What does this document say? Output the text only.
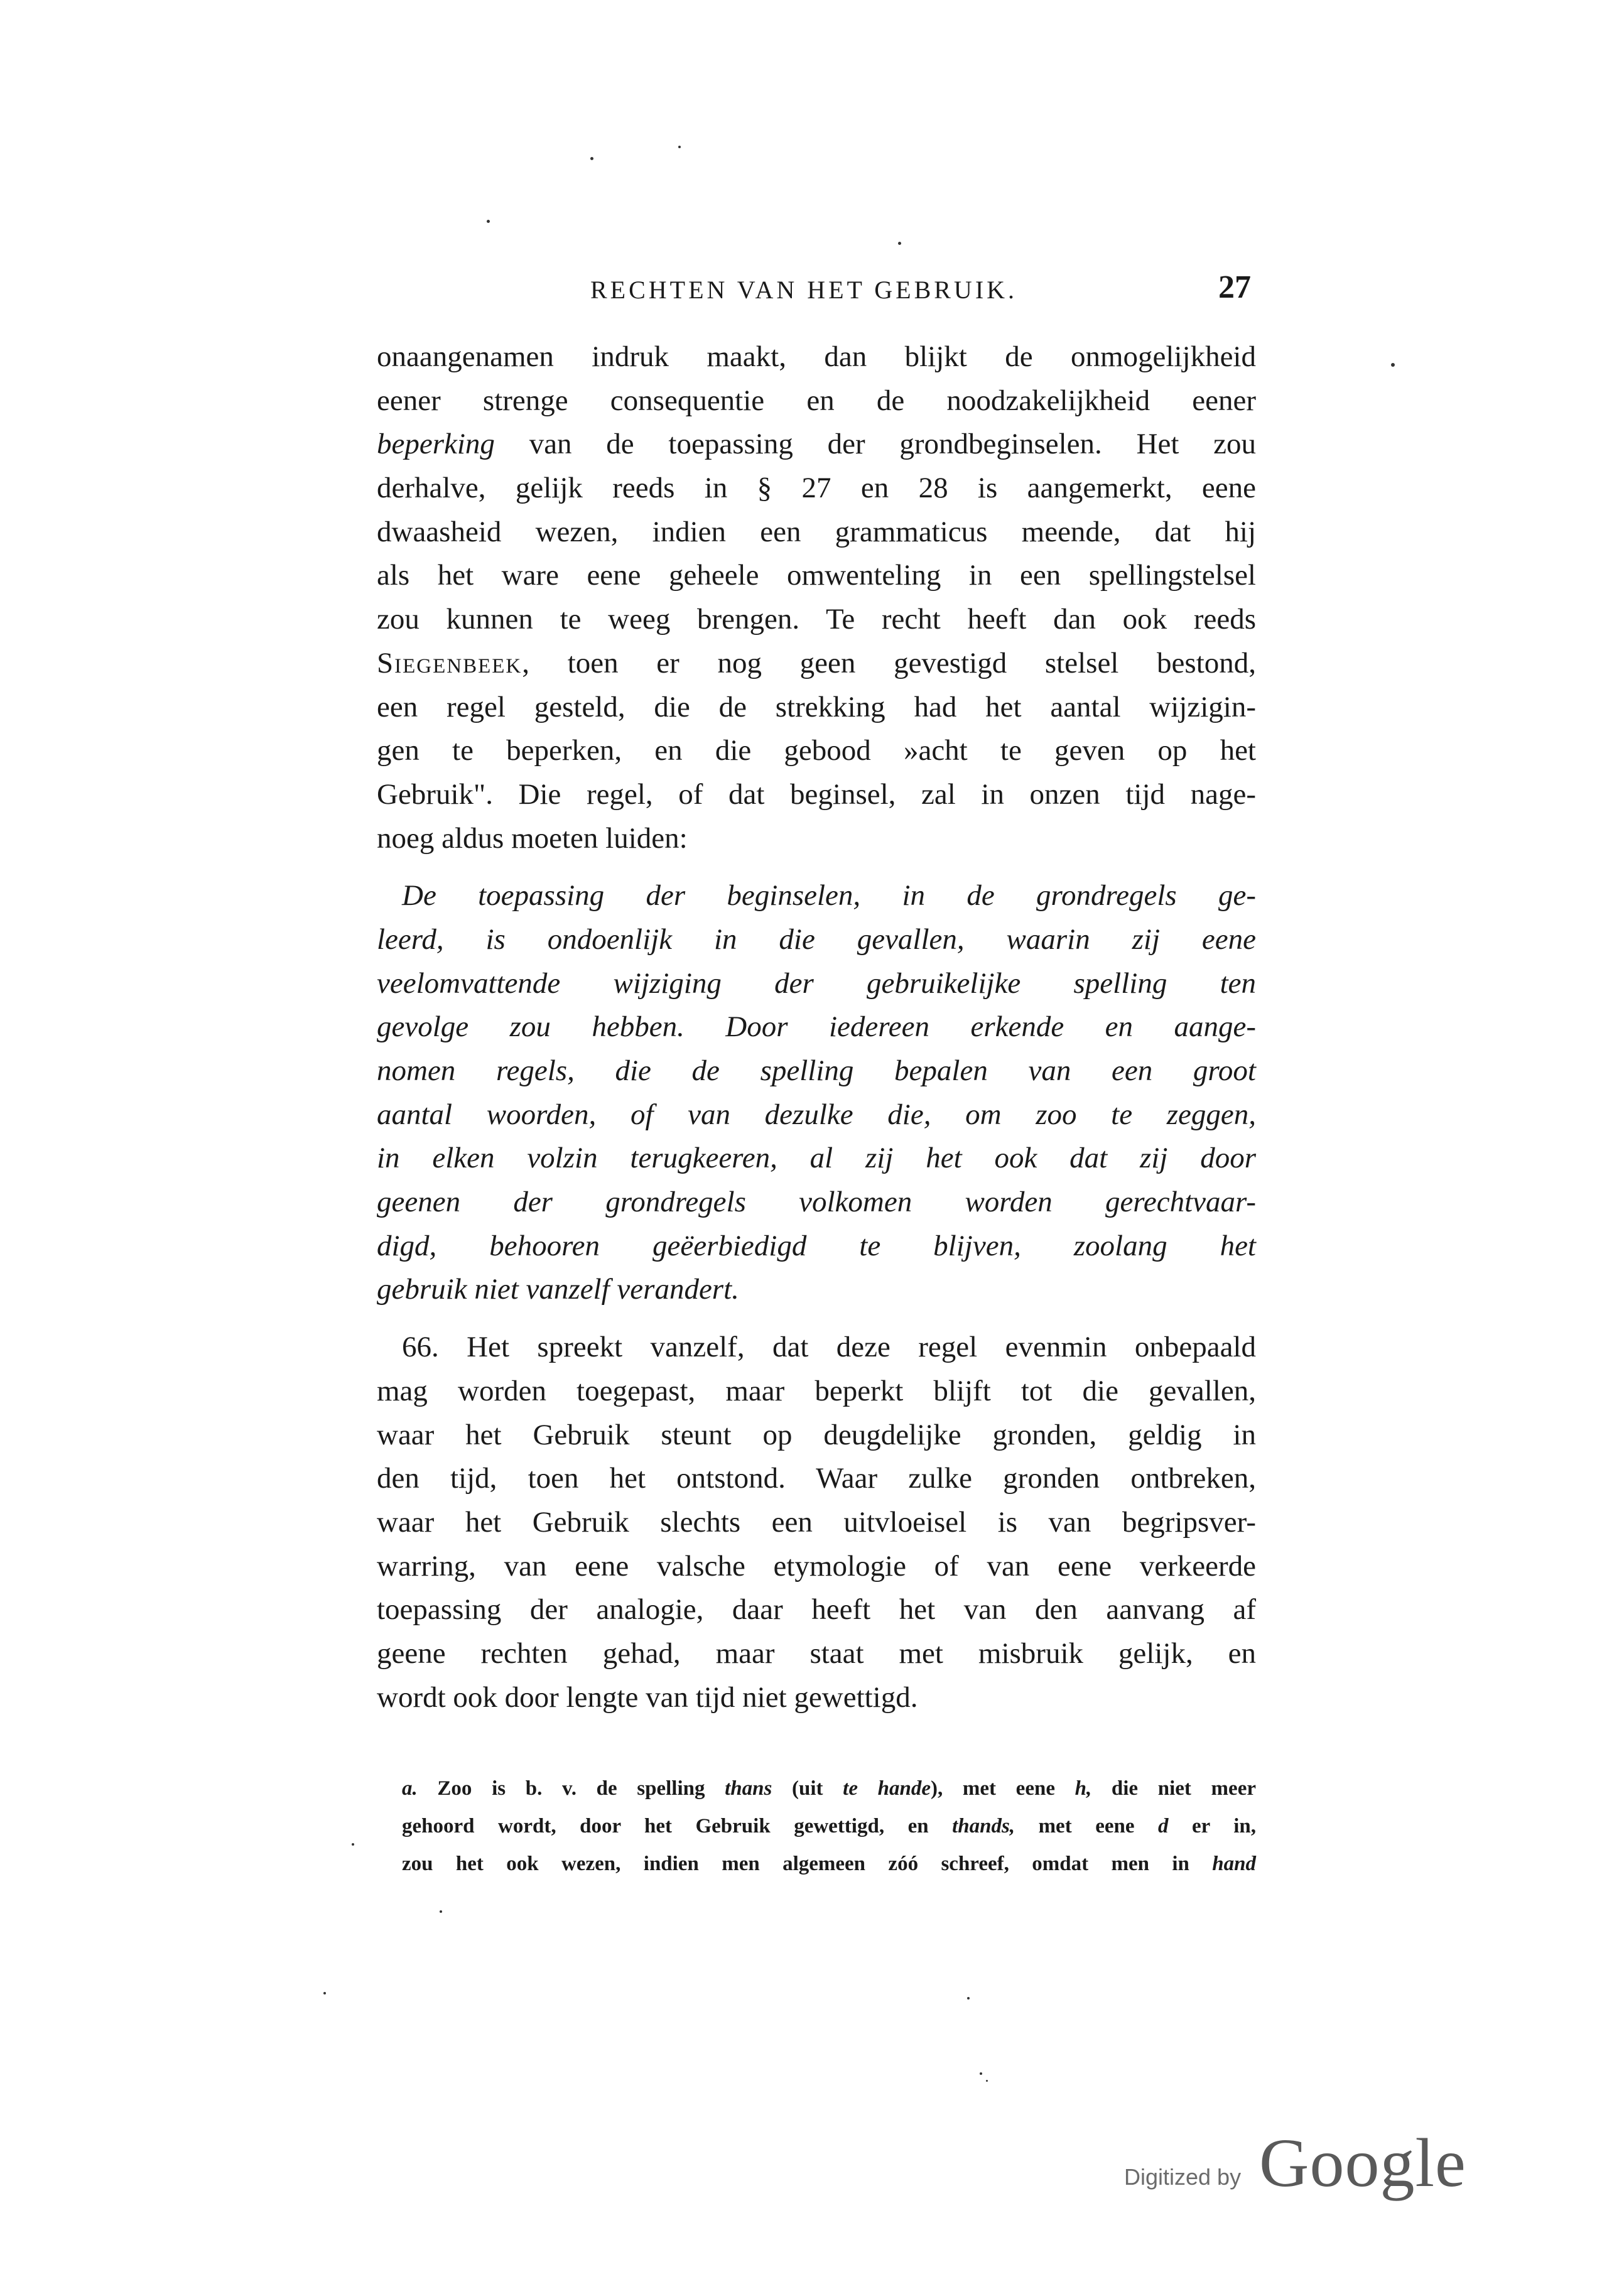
RECHTEN VAN HET GEBRUIK.	27
onaangenamen indruk maakt, dan blijkt de onmogelijkheid
eener strenge consequentie en de noodzakelijkheid eener
beperking van de toepassing der grondbeginselen. Het zou
derhalve, gelijk reeds in § 27 en 28 is aangemerkt, eene
dwaasheid wezen, indien een grammaticus meende, dat hij
als het ware eene geheele omwenteling in een spellingstelsel
zou kunnen te weeg brengen. Te recht heeft dan ook reeds
Siegenbeek, toen er nog geen gevestigd stelsel bestond,
een regel gesteld, die de strekking had het aantal wijzigin-
gen te beperken, en die gebood »acht te geven op het
Gebruik". Die regel, of dat beginsel, zal in onzen tijd nage-
noeg aldus moeten luiden:
De toepassing der beginselen, in de grondregels ge-
leerd, is ondoenlijk in die gevallen, waarin zij eene
veelomvattende wijziging der gebruikelijke spelling ten
gevolge zou hebben. Door iedereen erkende en aange-
nomen regels, die de spelling bepalen van een groot
aantal woorden, of van dezulke die, om zoo te zeggen,
in elken volzin terugkeeren, al zij het ook dat zij door
geenen der grondregels volkomen worden gerechtvaar-
digd, behooren geëerbiedigd te blijven, zoolang het
gebruik niet vanzelf verandert.
66. Het spreekt vanzelf, dat deze regel evenmin onbepaald
mag worden toegepast, maar beperkt blijft tot die gevallen,
waar het Gebruik steunt op deugdelijke gronden, geldig in
den tijd, toen het ontstond. Waar zulke gronden ontbreken,
waar het Gebruik slechts een uitvloeisel is van begripsver-
warring, van eene valsche etymologie of van eene verkeerde
toepassing der analogie, daar heeft het van den aanvang af
geene rechten gehad, maar staat met misbruik gelijk, en
wordt ook door lengte van tijd niet gewettigd.
a. Zoo is b. v. de spelling thans (uit te hande), met eene h, die niet meer
gehoord wordt, door het Gebruik gewettigd, en thands, met eene d er in,
zou het ook wezen, indien men algemeen zóó schreef, omdat men in hand
Digitized by Google
